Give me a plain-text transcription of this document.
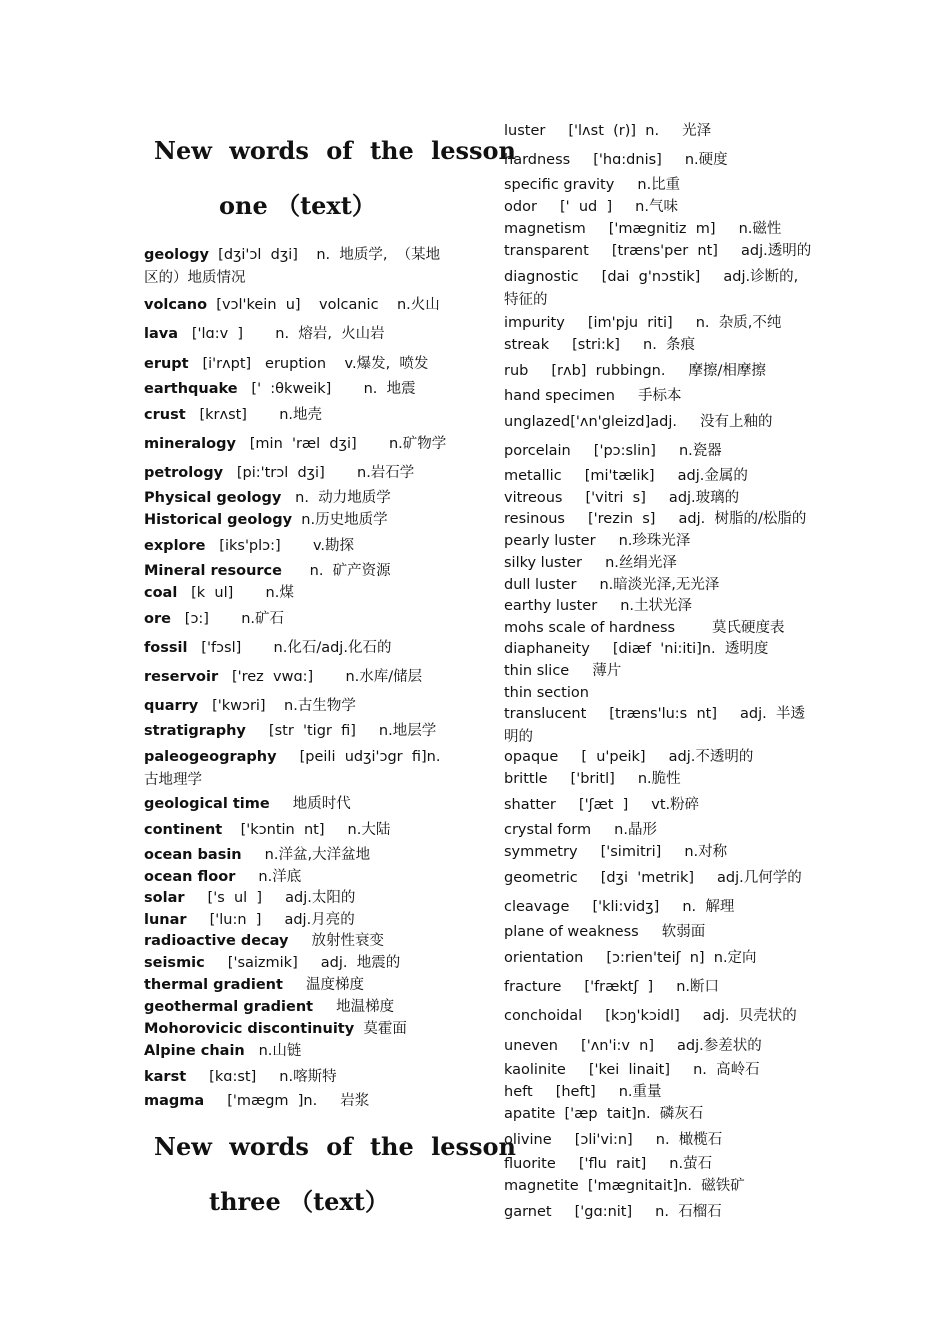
New words of the lesson
one （text）
geology  [dʒi'ɔl  dʒi]    n.  地质学,  （某地区的）地质情况
volcano  [vɔl'kein  u]    volcanic    n.火山
lava   ['lɑ:v  ]       n.  熔岩,  火山岩
erupt   [i'rʌpt]   eruption    v.爆发,  喷发
earthquake   ['  :θkweik]       n.  地震
crust   [krʌst]       n.地壳
mineralogy   [min  'ræl  dʒi]       n.矿物学
petrology   [pi:'trɔl  dʒi]       n.岩石学
Physical geology   n.  动力地质学
Historical geology  n.历史地质学
explore   [iks'plɔ:]       v.勘探
Mineral resource      n.  矿产资源
coal   [k  ul]       n.煤
ore   [ɔ:]       n.矿石
fossil   ['fɔsl]       n.化石/adj.化石的
reservoir   ['rez  vwɑ:]       n.水库/储层
quarry   ['kwɔri]    n.古生物学
stratigraphy     [str  'tigr  fi]     n.地层学
paleogeography     [peili  udʒi'ɔgr  fi]n.  古地理学
geological time     地质时代
continent    ['kɔntin  nt]     n.大陆
ocean basin     n.洋盆,大洋盆地
ocean floor     n.洋底
solar     ['s  ul  ]     adj.太阳的
lunar     ['lu:n  ]     adj.月亮的
radioactive decay     放射性衰变
seismic     ['saizmik]     adj.  地震的
thermal gradient     温度梯度
geothermal gradient     地温梯度
Mohorovicic discontinuity  莫霍面
Alpine chain   n.山链
karst     [kɑ:st]     n.喀斯特
magma     ['mægm  ]n.     岩浆
New words of the lesson
three （text）
luster     ['lʌst  (r)]  n.     光泽
hardness     ['hɑ:dnis]     n.硬度
specific gravity     n.比重
odor     ['  ud  ]     n.气味
magnetism     ['mægnitiz  m]     n.磁性
transparent     [træns'per  nt]     adj.透明的
diagnostic     [dai  g'nɔstik]     adj.诊断的,  特征的
impurity     [im'pju  riti]     n.  杂质,不纯
streak     [stri:k]     n.  条痕
rub     [rʌb]  rubbingn.     摩擦/相摩擦
hand specimen     手标本
unglazed['ʌn'gleizd]adj.     没有上釉的
porcelain     ['pɔ:slin]     n.瓷器
metallic     [mi'tælik]     adj.金属的
vitreous     ['vitri  s]     adj.玻璃的
resinous     ['rezin  s]     adj.  树脂的/松脂的
pearly luster     n.珍珠光泽
silky luster     n.丝绢光泽
dull luster     n.暗淡光泽,无光泽
earthy luster     n.土状光泽
mohs scale of hardness        莫氏硬度表
diaphaneity     [diæf  'ni:iti]n.  透明度
thin slice     薄片
thin section
translucent     [træns'lu:s  nt]     adj.  半透明的
opaque     [  u'peik]     adj.不透明的
brittle     ['britl]     n.脆性
shatter     ['ʃæt  ]     vt.粉碎
crystal form     n.晶形
symmetry     ['simitri]     n.对称
geometric     [dʒi  'metrik]     adj.几何学的
cleavage     ['kli:vidʒ]     n.  解理
plane of weakness     软弱面
orientation     [ɔ:rien'teiʃ  n]  n.定向
fracture     ['fræktʃ  ]     n.断口
conchoidal     [kɔŋ'kɔidl]     adj.  贝壳状的
uneven     ['ʌn'i:v  n]     adj.参差状的
kaolinite     ['kei  linait]     n.  高岭石
heft     [heft]     n.重量
apatite  ['æp  tait]n.  磷灰石
olivine     [ɔli'vi:n]     n.  橄榄石
fluorite     ['flu  rait]     n.萤石
magnetite  ['mægnitait]n.  磁铁矿
garnet     ['gɑ:nit]     n.  石榴石
